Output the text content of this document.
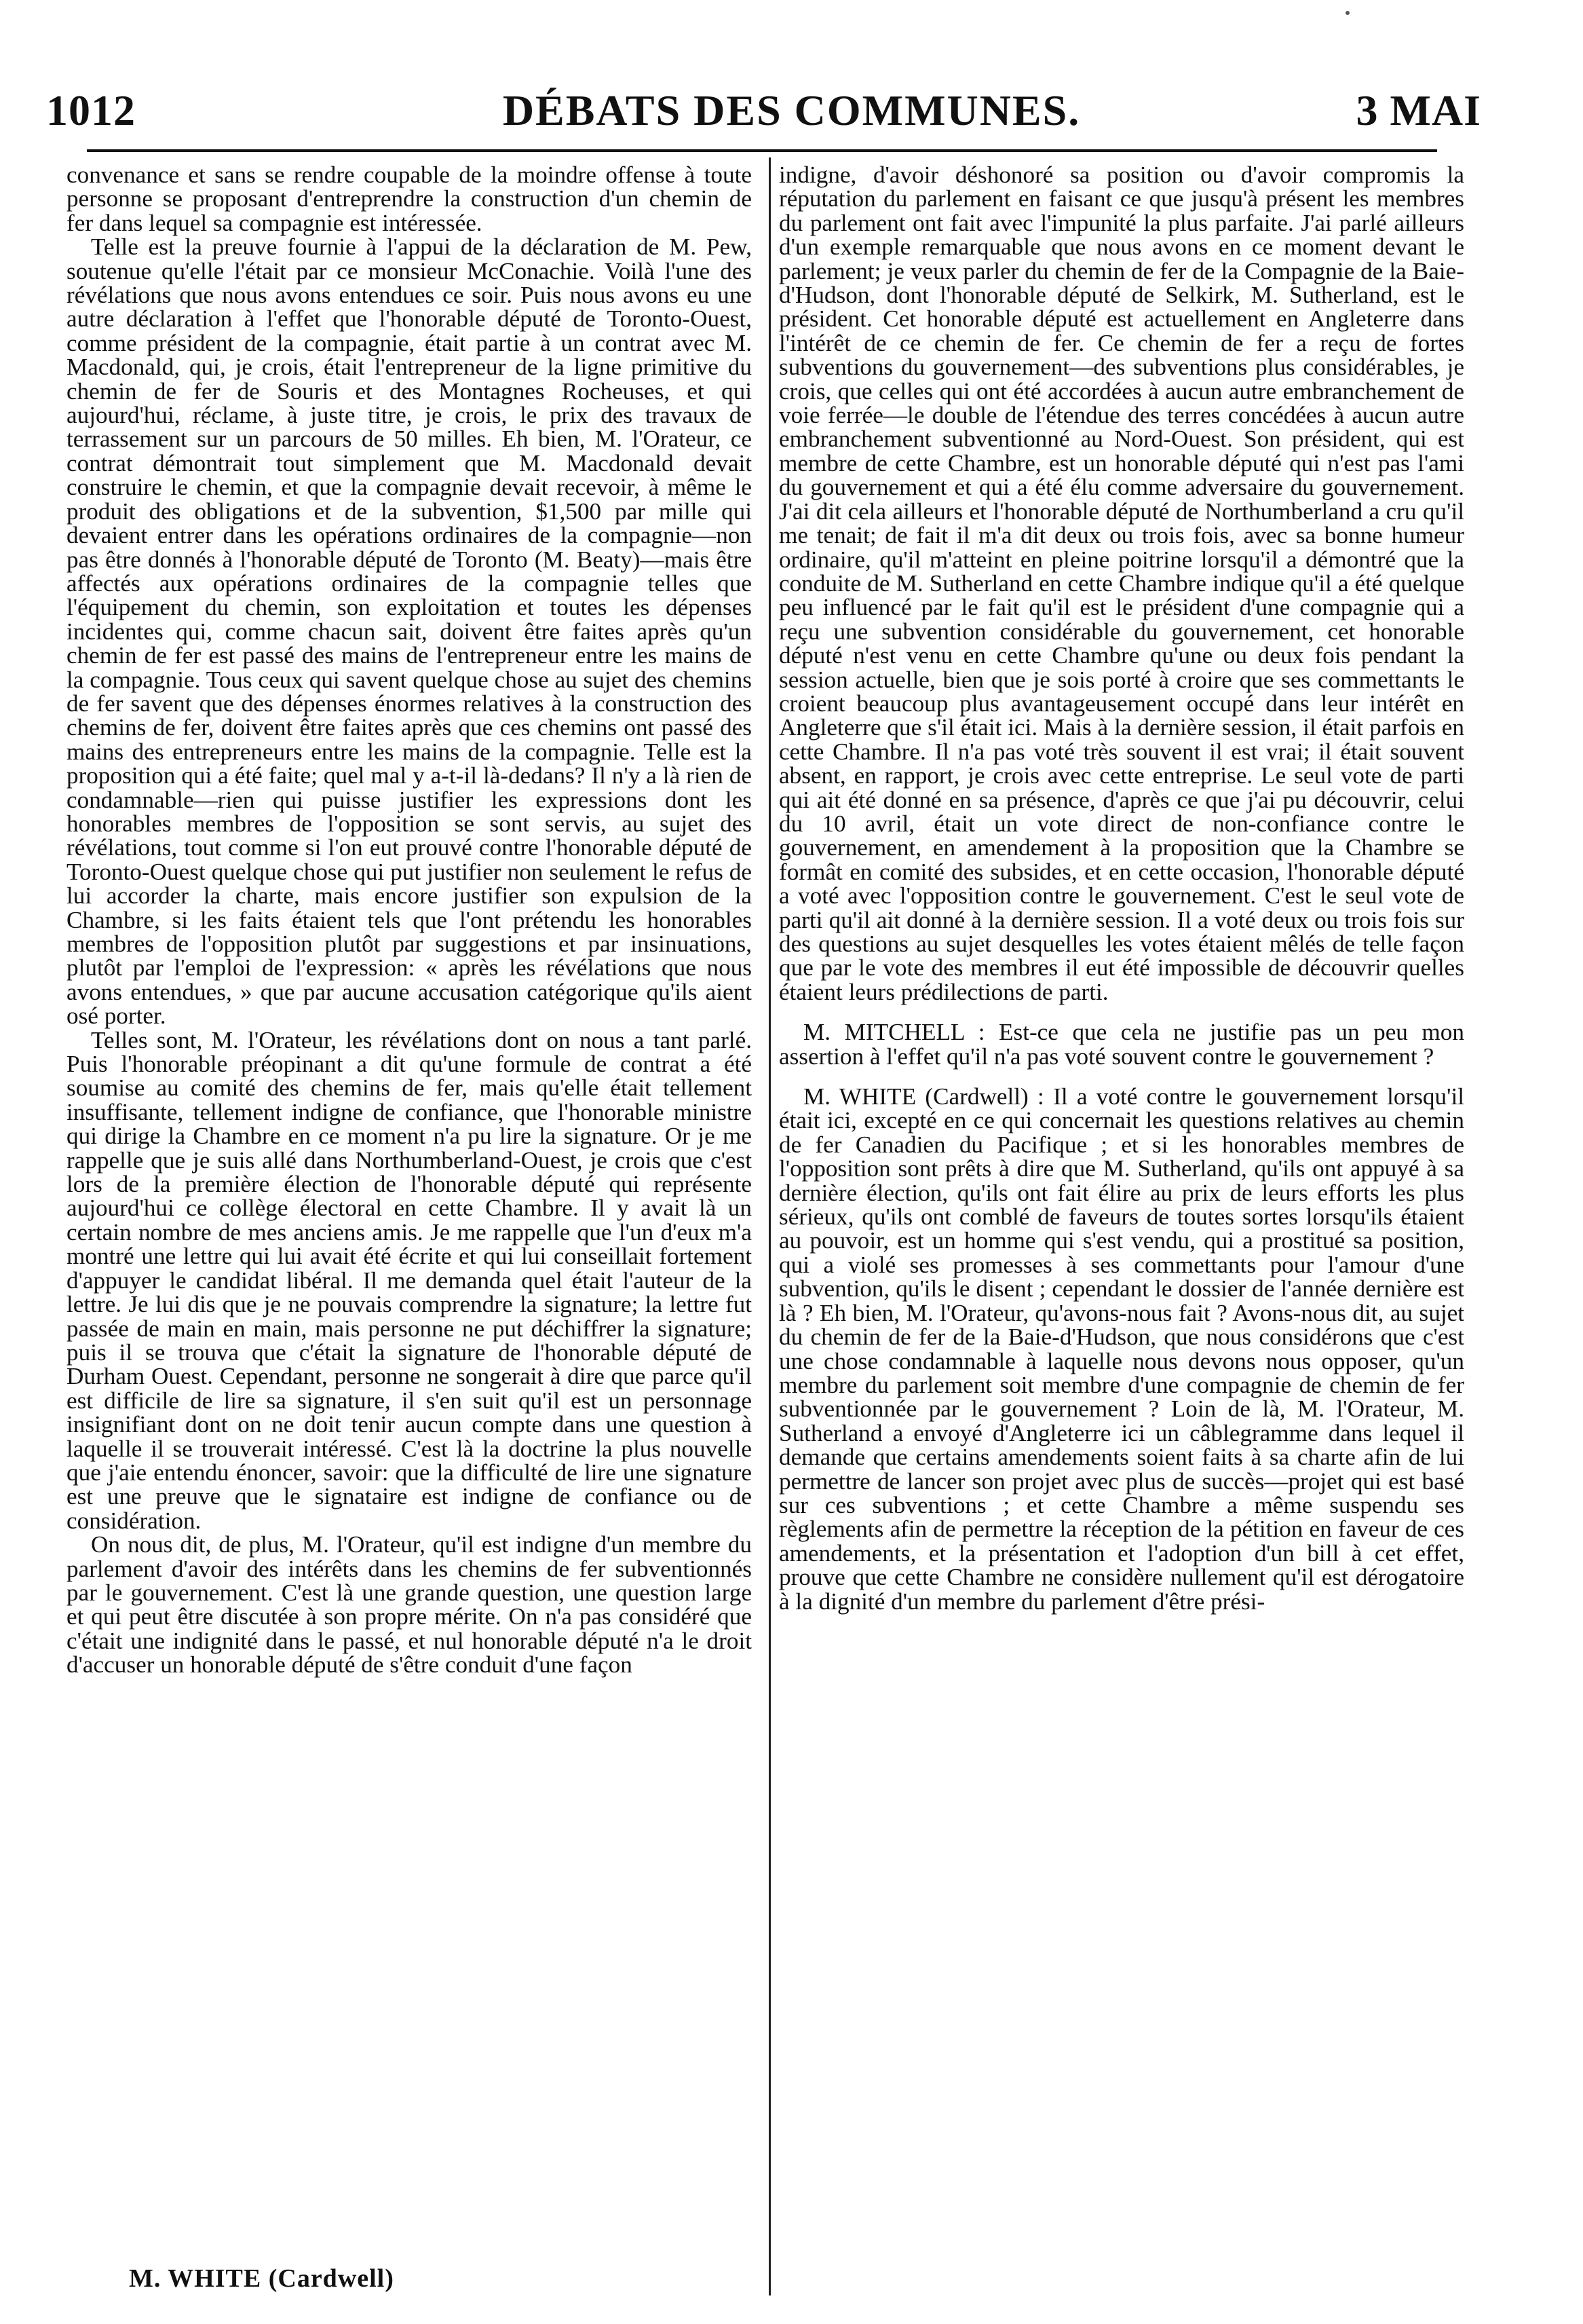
1012	DÉBATS DES COMMUNES.	3 MAI

convenance et sans se rendre coupable de la moindre offense à toute personne se proposant d'entreprendre la construction d'un chemin de fer dans lequel sa compagnie est intéressée.

Telle est la preuve fournie à l'appui de la déclaration de M. Pew, soutenue qu'elle l'était par ce monsieur McConachie. Voilà l'une des révélations que nous avons entendues ce soir. Puis nous avons eu une autre déclaration à l'effet que l'honorable député de Toronto-Ouest, comme président de la compagnie, était partie à un contrat avec M. Macdonald, qui, je crois, était l'entrepreneur de la ligne primitive du chemin de fer de Souris et des Montagnes Rocheuses, et qui aujourd'hui, réclame, à juste titre, je crois, le prix des travaux de terrassement sur un parcours de 50 milles. Eh bien, M. l'Orateur, ce contrat démontrait tout simplement que M. Macdonald devait construire le chemin, et que la compagnie devait recevoir, à même le produit des obligations et de la subvention, $1,500 par mille qui devaient entrer dans les opérations ordinaires de la compagnie—non pas être donnés à l'honorable député de Toronto (M. Beaty)—mais être affectés aux opérations ordinaires de la compagnie telles que l'équipement du chemin, son exploitation et toutes les dépenses incidentes qui, comme chacun sait, doivent être faites après qu'un chemin de fer est passé des mains de l'entrepreneur entre les mains de la compagnie. Tous ceux qui savent quelque chose au sujet des chemins de fer savent que des dépenses énormes relatives à la construction des chemins de fer, doivent être faites après que ces chemins ont passé des mains des entrepreneurs entre les mains de la compagnie. Telle est la proposition qui a été faite; quel mal y a-t-il là-dedans? Il n'y a là rien de condamnable—rien qui puisse justifier les expressions dont les honorables membres de l'opposition se sont servis, au sujet des révélations, tout comme si l'on eut prouvé contre l'honorable député de Toronto-Ouest quelque chose qui put justifier non seulement le refus de lui accorder la charte, mais encore justifier son expulsion de la Chambre, si les faits étaient tels que l'ont prétendu les honorables membres de l'opposition plutôt par suggestions et par insinuations, plutôt par l'emploi de l'expression: « après les révélations que nous avons entendues, » que par aucune accusation catégorique qu'ils aient osé porter.

Telles sont, M. l'Orateur, les révélations dont on nous a tant parlé. Puis l'honorable préopinant a dit qu'une formule de contrat a été soumise au comité des chemins de fer, mais qu'elle était tellement insuffisante, tellement indigne de confiance, que l'honorable ministre qui dirige la Chambre en ce moment n'a pu lire la signature. Or je me rappelle que je suis allé dans Northumberland-Ouest, je crois que c'est lors de la première élection de l'honorable député qui représente aujourd'hui ce collège électoral en cette Chambre. Il y avait là un certain nombre de mes anciens amis. Je me rappelle que l'un d'eux m'a montré une lettre qui lui avait été écrite et qui lui conseillait fortement d'appuyer le candidat libéral. Il me demanda quel était l'auteur de la lettre. Je lui dis que je ne pouvais comprendre la signature; la lettre fut passée de main en main, mais personne ne put déchiffrer la signature; puis il se trouva que c'était la signature de l'honorable député de Durham Ouest. Cependant, personne ne songerait à dire que parce qu'il est difficile de lire sa signature, il s'en suit qu'il est un personnage insignifiant dont on ne doit tenir aucun compte dans une question à laquelle il se trouverait intéressé. C'est là la doctrine la plus nouvelle que j'aie entendu énoncer, savoir: que la difficulté de lire une signature est une preuve que le signataire est indigne de confiance ou de considération.

On nous dit, de plus, M. l'Orateur, qu'il est indigne d'un membre du parlement d'avoir des intérêts dans les chemins de fer subventionnés par le gouvernement. C'est là une grande question, une question large et qui peut être discutée à son propre mérite. On n'a pas considéré que c'était une indignité dans le passé, et nul honorable député n'a le droit d'accuser un honorable député de s'être conduit d'une façon

indigne, d'avoir déshonoré sa position ou d'avoir compromis la réputation du parlement en faisant ce que jusqu'à présent les membres du parlement ont fait avec l'impunité la plus parfaite. J'ai parlé ailleurs d'un exemple remarquable que nous avons en ce moment devant le parlement; je veux parler du chemin de fer de la Compagnie de la Baie-d'Hudson, dont l'honorable député de Selkirk, M. Sutherland, est le président. Cet honorable député est actuellement en Angleterre dans l'intérêt de ce chemin de fer. Ce chemin de fer a reçu de fortes subventions du gouvernement—des subventions plus considérables, je crois, que celles qui ont été accordées à aucun autre embranchement de voie ferrée—le double de l'étendue des terres concédées à aucun autre embranchement subventionné au Nord-Ouest. Son président, qui est membre de cette Chambre, est un honorable député qui n'est pas l'ami du gouvernement et qui a été élu comme adversaire du gouvernement. J'ai dit cela ailleurs et l'honorable député de Northumberland a cru qu'il me tenait; de fait il m'a dit deux ou trois fois, avec sa bonne humeur ordinaire, qu'il m'atteint en pleine poitrine lorsqu'il a démontré que la conduite de M. Sutherland en cette Chambre indique qu'il a été quelque peu influencé par le fait qu'il est le président d'une compagnie qui a reçu une subvention considérable du gouvernement, cet honorable député n'est venu en cette Chambre qu'une ou deux fois pendant la session actuelle, bien que je sois porté à croire que ses commettants le croient beaucoup plus avantageusement occupé dans leur intérêt en Angleterre que s'il était ici. Mais à la dernière session, il était parfois en cette Chambre. Il n'a pas voté très souvent il est vrai; il était souvent absent, en rapport, je crois avec cette entreprise. Le seul vote de parti qui ait été donné en sa présence, d'après ce que j'ai pu découvrir, celui du 10 avril, était un vote direct de non-confiance contre le gouvernement, en amendement à la proposition que la Chambre se formât en comité des subsides, et en cette occasion, l'honorable député a voté avec l'opposition contre le gouvernement. C'est le seul vote de parti qu'il ait donné à la dernière session. Il a voté deux ou trois fois sur des questions au sujet desquelles les votes étaient mêlés de telle façon que par le vote des membres il eut été impossible de découvrir quelles étaient leurs prédilections de parti.

M. MITCHELL : Est-ce que cela ne justifie pas un peu mon assertion à l'effet qu'il n'a pas voté souvent contre le gouvernement ?

M. WHITE (Cardwell) : Il a voté contre le gouvernement lorsqu'il était ici, excepté en ce qui concernait les questions relatives au chemin de fer Canadien du Pacifique ; et si les honorables membres de l'opposition sont prêts à dire que M. Sutherland, qu'ils ont appuyé à sa dernière élection, qu'ils ont fait élire au prix de leurs efforts les plus sérieux, qu'ils ont comblé de faveurs de toutes sortes lorsqu'ils étaient au pouvoir, est un homme qui s'est vendu, qui a prostitué sa position, qui a violé ses promesses à ses commettants pour l'amour d'une subvention, qu'ils le disent ; cependant le dossier de l'année dernière est là ? Eh bien, M. l'Orateur, qu'avons-nous fait ? Avons-nous dit, au sujet du chemin de fer de la Baie-d'Hudson, que nous considérons que c'est une chose condamnable à laquelle nous devons nous opposer, qu'un membre du parlement soit membre d'une compagnie de chemin de fer subventionnée par le gouvernement ? Loin de là, M. l'Orateur, M. Sutherland a envoyé d'Angleterre ici un câblegramme dans lequel il demande que certains amendements soient faits à sa charte afin de lui permettre de lancer son projet avec plus de succès—projet qui est basé sur ces subventions ; et cette Chambre a même suspendu ses règlements afin de permettre la réception de la pétition en faveur de ces amendements, et la présentation et l'adoption d'un bill à cet effet, prouve que cette Chambre ne considère nullement qu'il est dérogatoire à la dignité d'un membre du parlement d'être prési-

M. WHITE (Cardwell)
